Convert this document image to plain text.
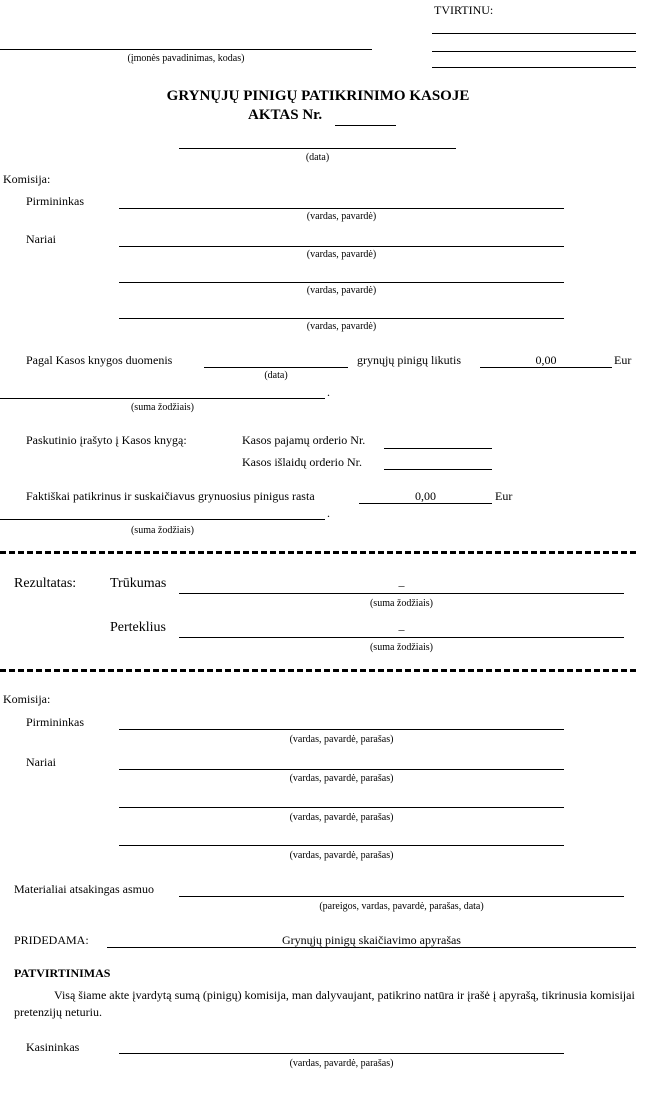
TVIRTINU:
(įmonės pavadinimas, kodas)
GRYNŲJŲ PINIGŲ PATIKRINIMO KASOJE
AKTAS Nr.
(data)
Komisija:
Pirmininkas
(vardas, pavardė)
Nariai
(vardas, pavardė)
(vardas, pavardė)
(vardas, pavardė)
Pagal Kasos knygos duomenis
(data)
grynųjų pinigų likutis	0,00	Eur
.
(suma žodžiais)
Paskutinio įrašyto į Kasos knygą:	Kasos pajamų orderio Nr.
Kasos išlaidų orderio Nr.
Faktiškai patikrinus ir suskaičiavus grynuosius pinigus rasta	0,00	Eur
.
(suma žodžiais)
Rezultatas: Trūkumas	–
(suma žodžiais)
Perteklius	–
(suma žodžiais)
Komisija:
Pirmininkas
(vardas, pavardė, parašas)
Nariai
(vardas, pavardė, parašas)
(vardas, pavardė, parašas)
(vardas, pavardė, parašas)
Materialiai atsakingas asmuo
(pareigos, vardas, pavardė, parašas, data)
PRIDEDAMA:	Grynųjų pinigų skaičiavimo apyrašas
PATVIRTINIMAS
Visą šiame akte įvardytą sumą (pinigų) komisija, man dalyvaujant, patikrino natūra ir įrašė į apyrašą, tikrinusia komisijai pretenzijų neturiu.
Kasininkas
(vardas, pavardė, parašas)
